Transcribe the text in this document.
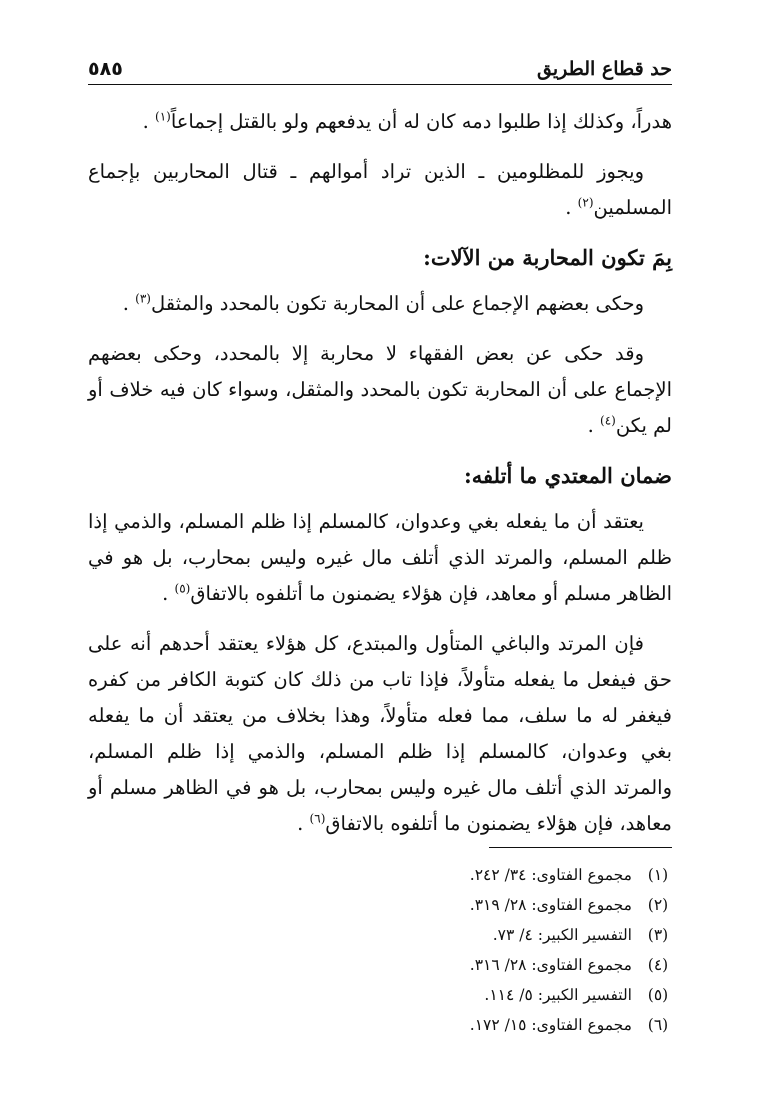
حد قطاع الطريق
٥٨٥

هدراً، وكذلك إذا طلبوا دمه كان له أن يدفعهم ولو بالقتل إجماعاً$^{(١)}$ .

ويجوز للمظلومين ـ الذين تراد أموالهم ـ قتال المحاربين بإجماع المسلمين$^{(٢)}$ .

بِمَ تكون المحاربة من الآلات:

وحكى بعضهم الإجماع على أن المحاربة تكون بالمحدد والمثقل$^{(٣)}$ .

وقد حكى عن بعض الفقهاء لا محاربة إلا بالمحدد، وحكى بعضهم الإجماع على أن المحاربة تكون بالمحدد والمثقل، وسواء كان فيه خلاف أو لم يكن$^{(٤)}$ .

ضمان المعتدي ما أتلفه:

يعتقد أن ما يفعله بغي وعدوان، كالمسلم إذا ظلم المسلم، والذمي إذا ظلم المسلم، والمرتد الذي أتلف مال غيره وليس بمحارب، بل هو في الظاهر مسلم أو معاهد، فإن هؤلاء يضمنون ما أتلفوه بالاتفاق$^{(٥)}$ .

فإن المرتد والباغي المتأول والمبتدع، كل هؤلاء يعتقد أحدهم أنه على حق فيفعل ما يفعله متأولاً، فإذا تاب من ذلك كان كتوبة الكافر من كفره فيغفر له ما سلف، مما فعله متأولاً، وهذا بخلاف من يعتقد أن ما يفعله بغي وعدوان، كالمسلم إذا ظلم المسلم، والذمي إذا ظلم المسلم، والمرتد الذي أتلف مال غيره وليس بمحارب، بل هو في الظاهر مسلم أو معاهد، فإن هؤلاء يضمنون ما أتلفوه بالاتفاق$^{(٦)}$ .

(١)
مجموع الفتاوى: ٣٤/ ٢٤٢.
(٢)
مجموع الفتاوى: ٢٨/ ٣١٩.
(٣)
التفسير الكبير: ٤/ ٧٣.
(٤)
مجموع الفتاوى: ٢٨/ ٣١٦.
(٥)
التفسير الكبير: ٥/ ١١٤.
(٦)
مجموع الفتاوى: ١٥/ ١٧٢.
